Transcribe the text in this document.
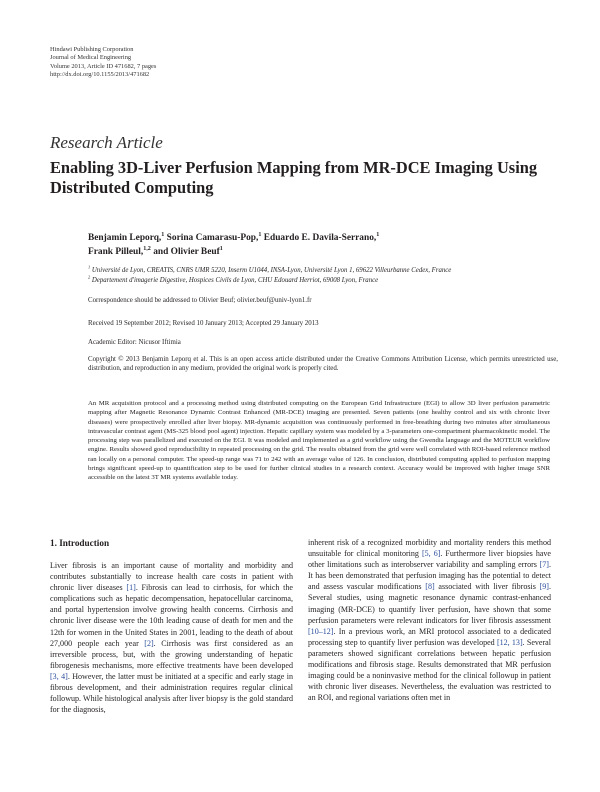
Hindawi Publishing Corporation
Journal of Medical Engineering
Volume 2013, Article ID 471682, 7 pages
http://dx.doi.org/10.1155/2013/471682
Research Article
Enabling 3D-Liver Perfusion Mapping from MR-DCE Imaging Using Distributed Computing
Benjamin Leporq,$^1$ Sorina Camarasu-Pop,$^1$ Eduardo E. Davila-Serrano,$^1$
Frank Pilleul,$^{1,2}$ and Olivier Beuf$^1$
$^1$ Université de Lyon, CREATIS, CNRS UMR 5220, Inserm U1044, INSA-Lyon, Université Lyon 1, 69622 Villeurbanne Cedex, France
$^2$ Departement d'imagerie Digestive, Hospices Civils de Lyon, CHU Edouard Herriot, 69008 Lyon, France
Correspondence should be addressed to Olivier Beuf; olivier.beuf@univ-lyon1.fr
Received 19 September 2012; Revised 10 January 2013; Accepted 29 January 2013
Academic Editor: Nicusor Iftimia
Copyright © 2013 Benjamin Leporq et al. This is an open access article distributed under the Creative Commons Attribution License, which permits unrestricted use, distribution, and reproduction in any medium, provided the original work is properly cited.
An MR acquisition protocol and a processing method using distributed computing on the European Grid Infrastructure (EGI) to allow 3D liver perfusion parametric mapping after Magnetic Resonance Dynamic Contrast Enhanced (MR-DCE) imaging are presented. Seven patients (one healthy control and six with chronic liver diseases) were prospectively enrolled after liver biopsy. MR-dynamic acquisition was continuously performed in free-breathing during two minutes after simultaneous intravascular contrast agent (MS-325 blood pool agent) injection. Hepatic capillary system was modeled by a 3-parameters one-compartment pharmacokinetic model. The processing step was parallelized and executed on the EGI. It was modeled and implemented as a grid workflow using the Gwendia language and the MOTEUR workflow engine. Results showed good reproducibility in repeated processing on the grid. The results obtained from the grid were well correlated with ROI-based reference method ran locally on a personal computer. The speed-up range was 71 to 242 with an average value of 126. In conclusion, distributed computing applied to perfusion mapping brings significant speed-up to quantification step to be used for further clinical studies in a research context. Accuracy would be improved with higher image SNR accessible on the latest 3T MR systems available today.
1. Introduction
Liver fibrosis is an important cause of mortality and morbidity and contributes substantially to increase health care costs in patient with chronic liver diseases [1]. Fibrosis can lead to cirrhosis, for which the complications such as hepatic decompensation, hepatocellular carcinoma, and portal hypertension involve growing health concerns. Cirrhosis and chronic liver disease were the 10th leading cause of death for men and the 12th for women in the United States in 2001, leading to the death of about 27,000 people each year [2]. Cirrhosis was first considered as an irreversible process, but, with the growing understanding of hepatic fibrogenesis mechanisms, more effective treatments have been developed [3, 4]. However, the latter must be initiated at a specific and early stage in fibrous development, and their administration requires regular clinical followup. While histological analysis after liver biopsy is the gold standard for the diagnosis,
inherent risk of a recognized morbidity and mortality renders this method unsuitable for clinical monitoring [5, 6]. Furthermore liver biopsies have other limitations such as interobserver variability and sampling errors [7]. It has been demonstrated that perfusion imaging has the potential to detect and assess vascular modifications [8] associated with liver fibrosis [9]. Several studies, using magnetic resonance dynamic contrast-enhanced imaging (MR-DCE) to quantify liver perfusion, have shown that some perfusion parameters were relevant indicators for liver fibrosis assessment [10–12]. In a previous work, an MRI protocol associated to a dedicated processing step to quantify liver perfusion was developed [12, 13]. Several parameters showed significant correlations between hepatic perfusion modifications and fibrosis stage. Results demonstrated that MR perfusion imaging could be a noninvasive method for the clinical followup in patient with chronic liver diseases. Nevertheless, the evaluation was restricted to an ROI, and regional variations often met in
